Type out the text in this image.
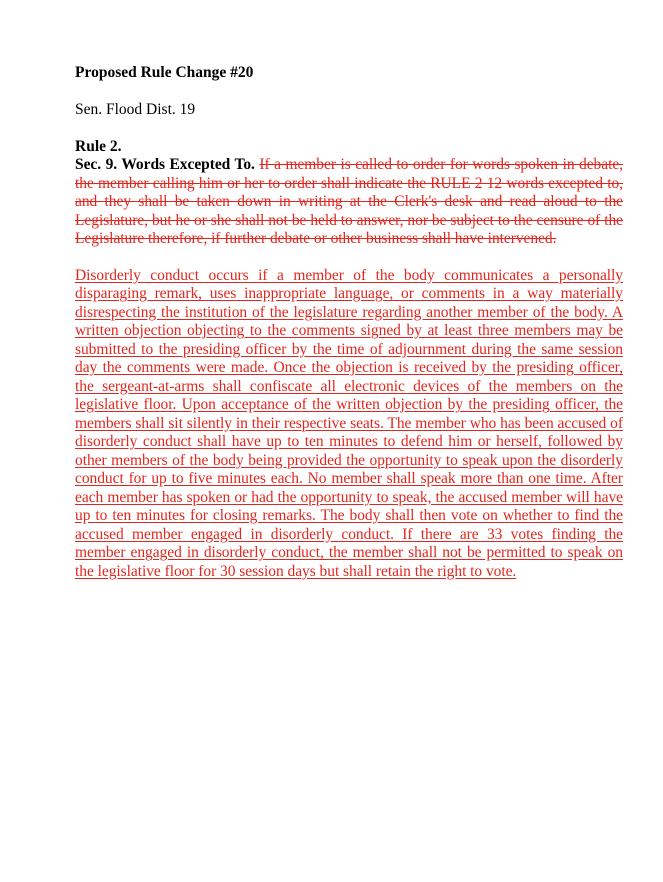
Proposed Rule Change #20

Sen. Flood Dist. 19

Rule 2.

Sec. 9. Words Excepted To. If a member is called to order for words spoken in debate, the member calling him or her to order shall indicate the RULE 2 12 words excepted to, and they shall be taken down in writing at the Clerk's desk and read aloud to the Legislature, but he or she shall not be held to answer, nor be subject to the censure of the Legislature therefore, if further debate or other business shall have intervened.

Disorderly conduct occurs if a member of the body communicates a personally disparaging remark, uses inappropriate language, or comments in a way materially disrespecting the institution of the legislature regarding another member of the body. A written objection objecting to the comments signed by at least three members may be submitted to the presiding officer by the time of adjournment during the same session day the comments were made. Once the objection is received by the presiding officer, the sergeant-at-arms shall confiscate all electronic devices of the members on the legislative floor. Upon acceptance of the written objection by the presiding officer, the members shall sit silently in their respective seats. The member who has been accused of disorderly conduct shall have up to ten minutes to defend him or herself, followed by other members of the body being provided the opportunity to speak upon the disorderly conduct for up to five minutes each. No member shall speak more than one time. After each member has spoken or had the opportunity to speak, the accused member will have up to ten minutes for closing remarks. The body shall then vote on whether to find the accused member engaged in disorderly conduct. If there are 33 votes finding the member engaged in disorderly conduct, the member shall not be permitted to speak on the legislative floor for 30 session days but shall retain the right to vote.
